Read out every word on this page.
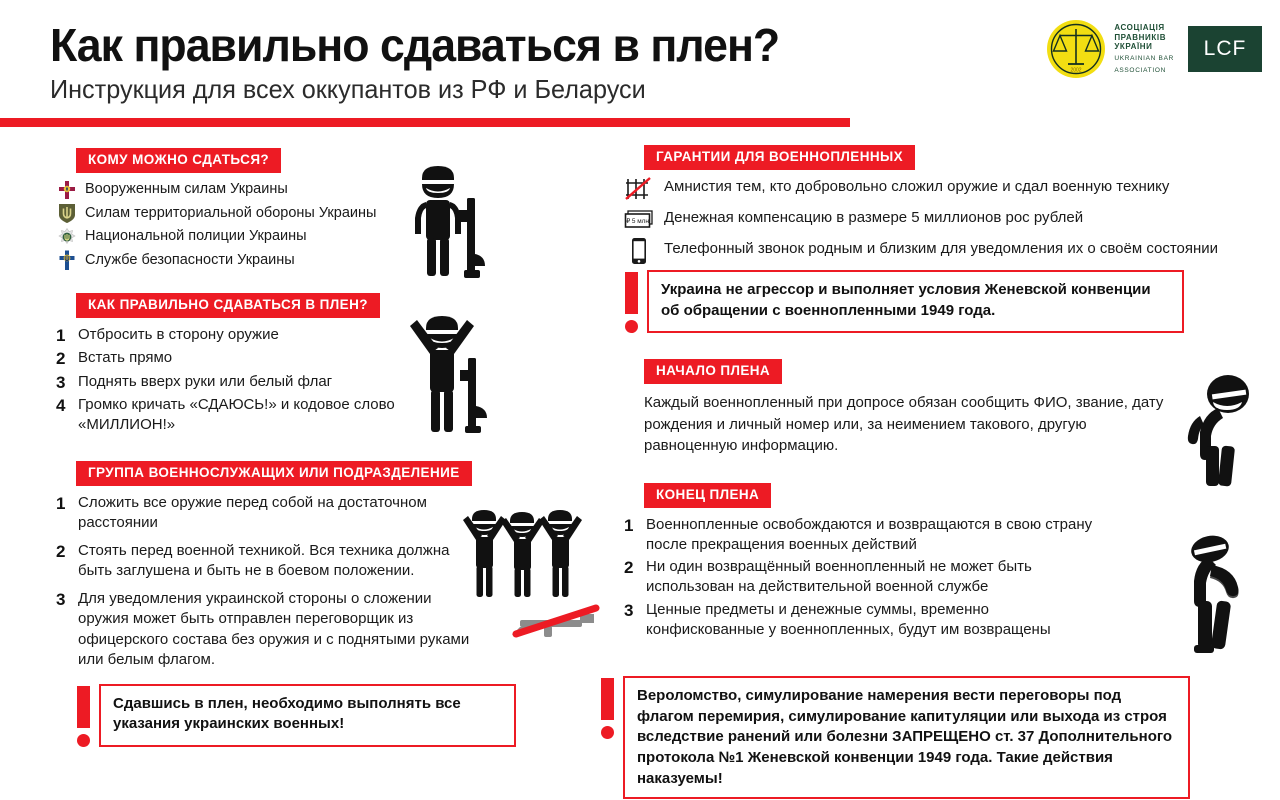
Как правильно сдаваться в плен?
Инструкция для всех оккупантов из РФ и Беларуси
2002
АСОЦІАЦІЯ
ПРАВНИКІВ
УКРАЇНИ
UKRAINIAN BAR
ASSOCIATION
LCF
КОМУ МОЖНО СДАТЬСЯ?
Вооруженным силам Украины
Силам территориальной обороны Украины
Национальной полиции Украины
Службе безопасности Украины
КАК ПРАВИЛЬНО СДАВАТЬСЯ В ПЛЕН?
1 Отбросить в сторону оружие
2 Встать прямо
3 Поднять вверх руки или белый флаг
4 Громко кричать «СДАЮСЬ!» и кодовое слово «МИЛЛИОН!»
ГРУППА ВОЕННОСЛУЖАЩИХ ИЛИ ПОДРАЗДЕЛЕНИЕ
1 Сложить все оружие перед собой на достаточном расстоянии
2 Стоять перед военной техникой. Вся техника должна быть заглушена и быть не в боевом положении.
3 Для уведомления украинской стороны о сложении оружия может быть отправлен переговорщик из офицерского состава без оружия и с поднятыми руками или белым флагом.

Сдавшись в плен, необходимо выполнять все указания украинских военных!

ГАРАНТИИ ДЛЯ ВОЕННОПЛЕННЫХ
Амнистия тем, кто добровольно сложил оружие и сдал военную технику
₽ 5 млн Денежная компенсацию в размере 5 миллионов рос рублей
Телефонный звонок родным и близким для уведомления их о своём состоянии

Украина не агрессор и выполняет условия Женевской конвенции об обращении с военнопленными 1949 года.

НАЧАЛО ПЛЕНА

Каждый военнопленный при допросе обязан сообщить ФИО, звание, дату рождения и личный номер или, за неимением такового, другую равноценную информацию.

КОНЕЦ ПЛЕНА
1 Военнопленные освобождаются и возвращаются в свою страну после прекращения военных действий
2 Ни один возвращённый военнопленный не может быть использован на действительной военной службе
3 Ценные предметы и денежные суммы, временно конфискованные у военнопленных, будут им возвращены

Вероломство, симулирование намерения вести переговоры под флагом перемирия, симулирование капитуляции или выхода из строя вследствие ранений или болезни ЗАПРЕЩЕНО ст. 37 Дополнительного протокола №1 Женевской конвенции 1949 года. Такие действия наказуемы!
